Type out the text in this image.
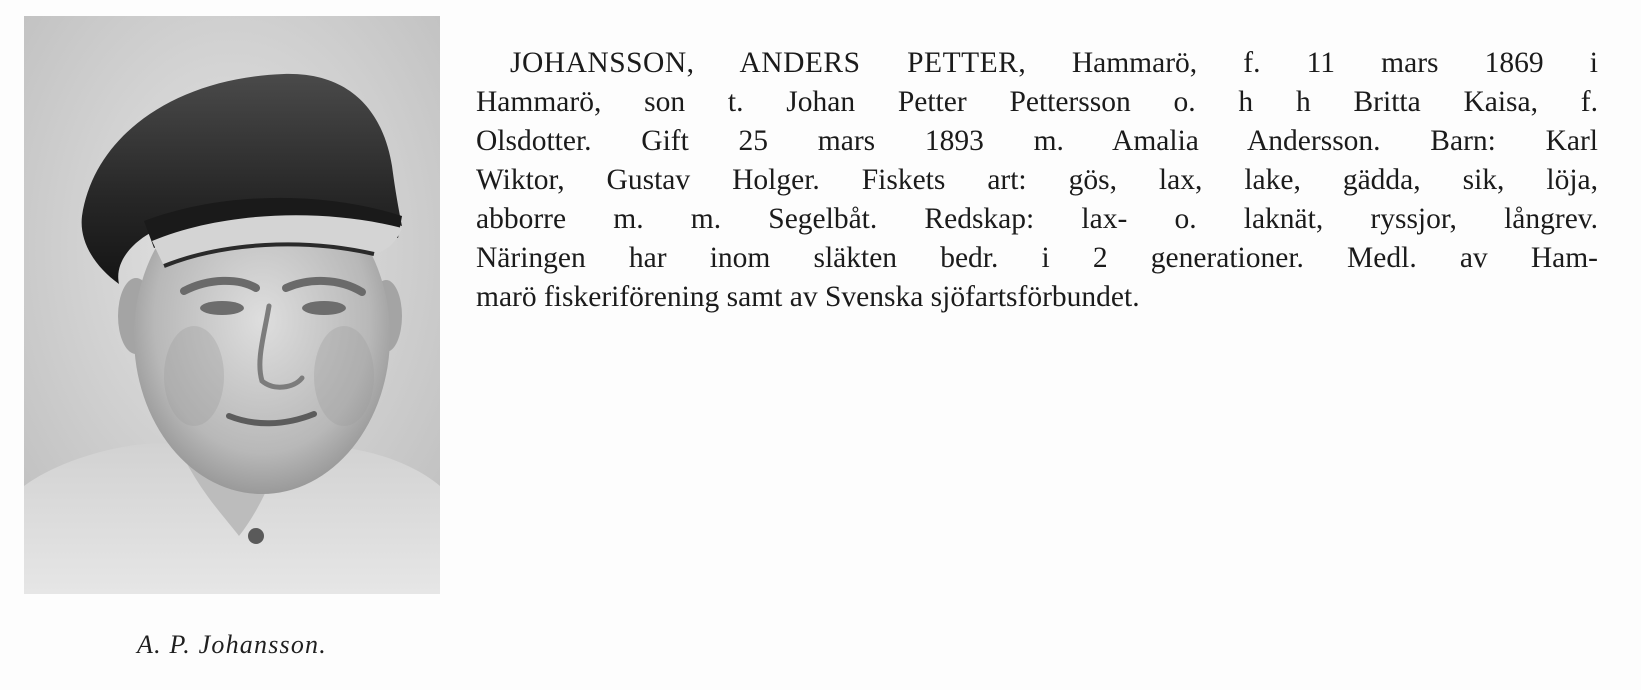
A. P. Johansson.
JOHANSSON, ANDERS PETTER, Hammarö, f. 11 mars 1869 i
Hammarö, son t. Johan Petter Pettersson o. h h Britta Kaisa, f.
Olsdotter. Gift 25 mars 1893 m. Amalia Andersson. Barn: Karl
Wiktor, Gustav Holger. Fiskets art: gös, lax, lake, gädda, sik, löja,
abborre m. m. Segelbåt. Redskap: lax- o. laknät, ryssjor, långrev.
Näringen har inom släkten bedr. i 2 generationer. Medl. av Ham-
marö fiskeriförening samt av Svenska sjöfartsförbundet.
